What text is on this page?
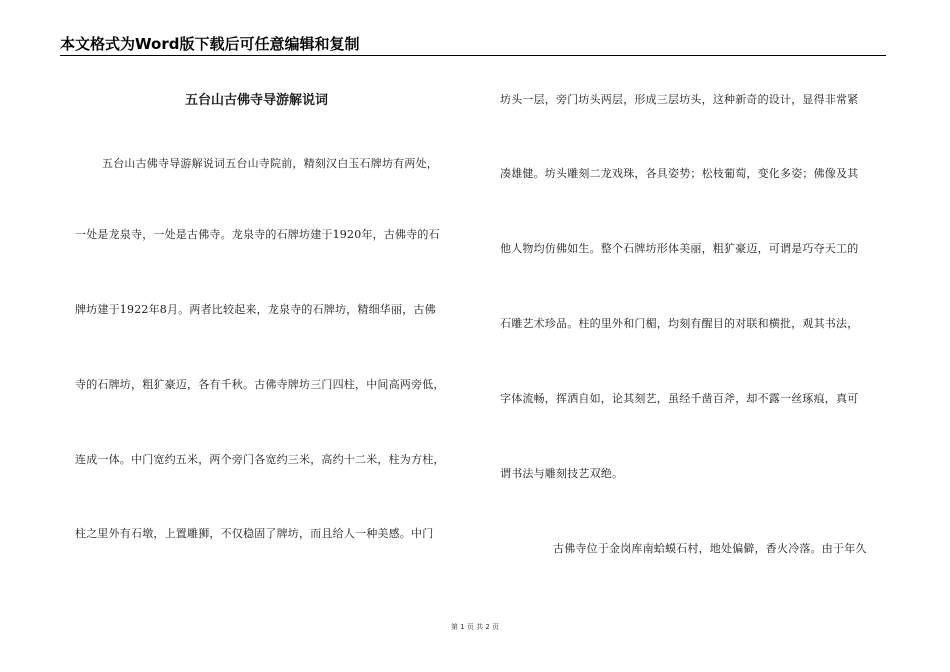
本文格式为Word版下载后可任意编辑和复制
五台山古佛寺导游解说词
五台山古佛寺导游解说词五台山寺院前，精刻汉白玉石牌坊有两处，
一处是龙泉寺，一处是古佛寺。龙泉寺的石牌坊建于1920年，古佛寺的石
牌坊建于1922年8月。两者比较起来，龙泉寺的石牌坊，精细华丽，古佛
寺的石牌坊，粗犷豪迈，各有千秋。古佛寺牌坊三门四柱，中间高两旁低，
连成一体。中门宽约五米，两个旁门各宽约三米，高约十二米，柱为方柱，
柱之里外有石墩，上置雕狮，不仅稳固了牌坊，而且给人一种美感。中门
坊头一层，旁门坊头两层，形成三层坊头，这种新奇的设计，显得非常紧
凑雄健。坊头雕刻二龙戏珠，各具姿势；松枝葡萄，变化多姿；佛像及其
他人物均仿佛如生。整个石牌坊形体美丽，粗犷豪迈，可谓是巧夺天工的
石雕艺术珍品。柱的里外和门楣，均刻有醒目的对联和横批，观其书法，
字体流畅，挥洒自如，论其刻艺，虽经千凿百斧，却不露一丝琢痕，真可
谓书法与雕刻技艺双绝。
古佛寺位于金岗库南蛤蟆石村，地处偏僻，香火冷落。由于年久
第 1 页 共 2 页
